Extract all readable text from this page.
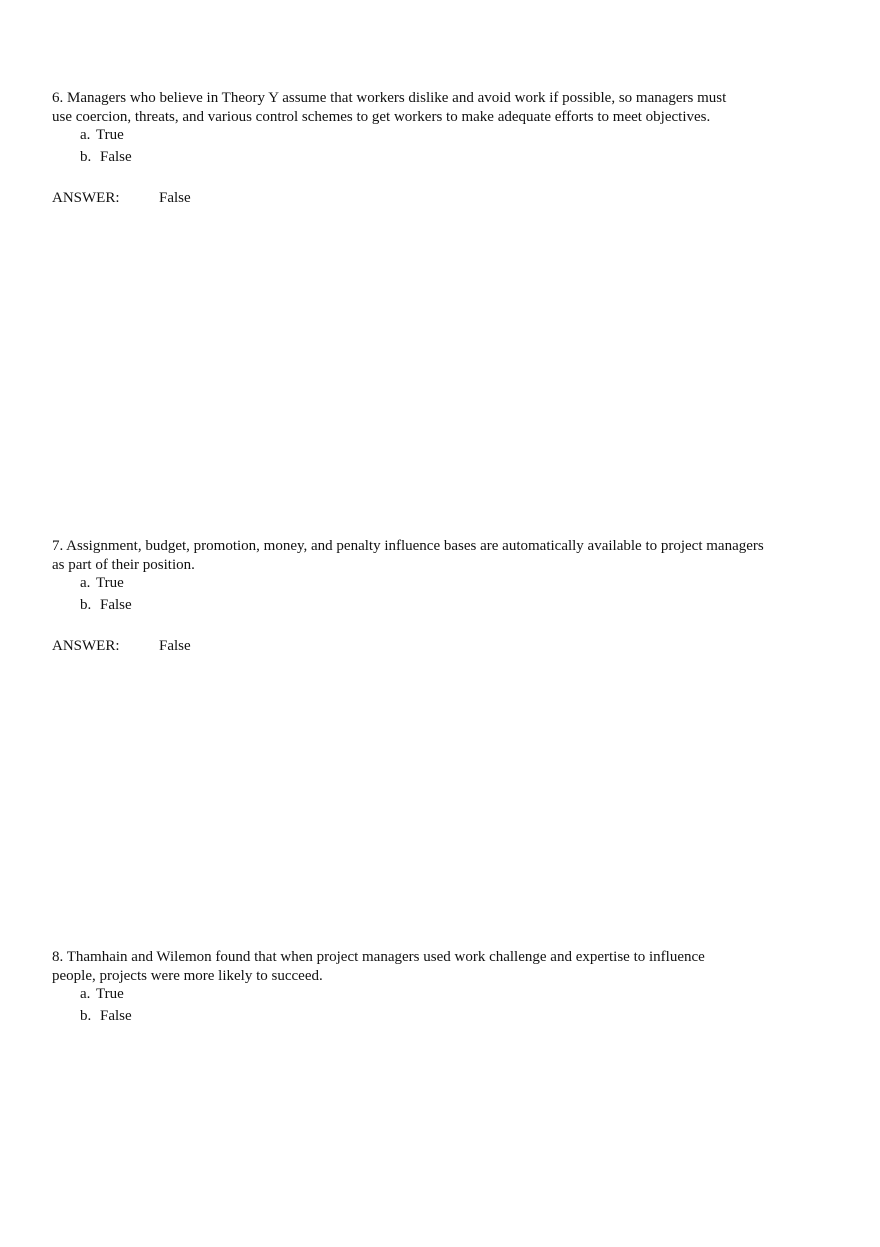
6. Managers who believe in Theory Y assume that workers dislike and avoid work if possible, so managers must
use coercion, threats, and various control schemes to get workers to make adequate efforts to meet objectives.
a. True
b. False
ANSWER:	False
7. Assignment, budget, promotion, money, and penalty influence bases are automatically available to project managers
as part of their position.
a. True
b. False
ANSWER:	False
8. Thamhain and Wilemon found that when project managers used work challenge and expertise to influence
people, projects were more likely to succeed.
a. True
b. False
